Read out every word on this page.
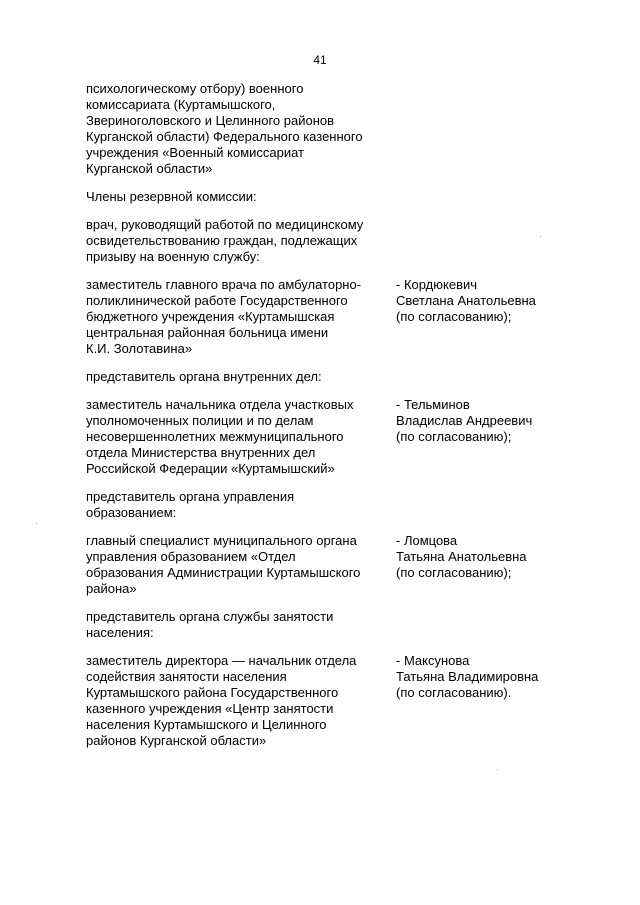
41
психологическому отбору) военного
комиссариата (Куртамышского,
Звериноголовского и Целинного районов
Курганской области) Федерального казенного
учреждения «Военный комиссариат
Курганской области»
Члены резервной комиссии:
врач, руководящий работой по медицинскому
освидетельствованию граждан, подлежащих
призыву на военную службу:
заместитель главного врача по амбулаторно-
поликлинической работе Государственного
бюджетного учреждения «Куртамышская
центральная районная больница имени
К.И. Золотавина»
- Кордюкевич
Светлана Анатольевна
(по согласованию);
представитель органа внутренних дел:
заместитель начальника отдела участковых
уполномоченных полиции и по делам
несовершеннолетних межмуниципального
отдела Министерства внутренних дел
Российской Федерации «Куртамышский»
- Тельминов
Владислав Андреевич
(по согласованию);
представитель органа управления
образованием:
главный специалист муниципального органа
управления образованием «Отдел
образования Администрации Куртамышского
района»
- Ломцова
Татьяна Анатольевна
(по согласованию);
представитель органа службы занятости
населения:
заместитель директора — начальник отдела
содействия занятости населения
Куртамышского района Государственного
казенного учреждения «Центр занятости
населения Куртамышского и Целинного
районов Курганской области»
- Максунова
Татьяна Владимировна
(по согласованию).
